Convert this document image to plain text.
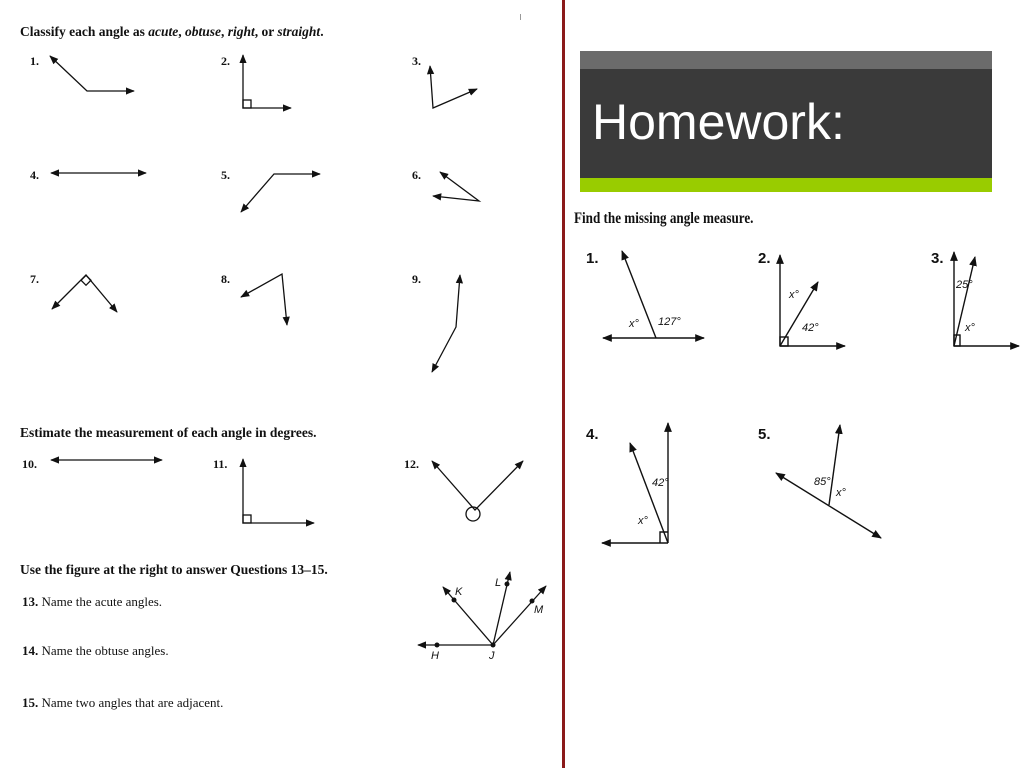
Classify each angle as acute, obtuse, right, or straight.
1.	2.	3.
4.	5.	6.
7.	8.	9.
Estimate the measurement of each angle in degrees.
10.	11.	12.
Use the figure at the right to answer Questions 13–15.
13. Name the acute angles.
14. Name the obtuse angles.
15. Name two angles that are adjacent.
K
L
M
H	J
Homework:
Find the missing angle measure.
1.	2.	3.
4.	5.
x° 127°
x°
42°
25°
x°
42°
x°
85°
x°
